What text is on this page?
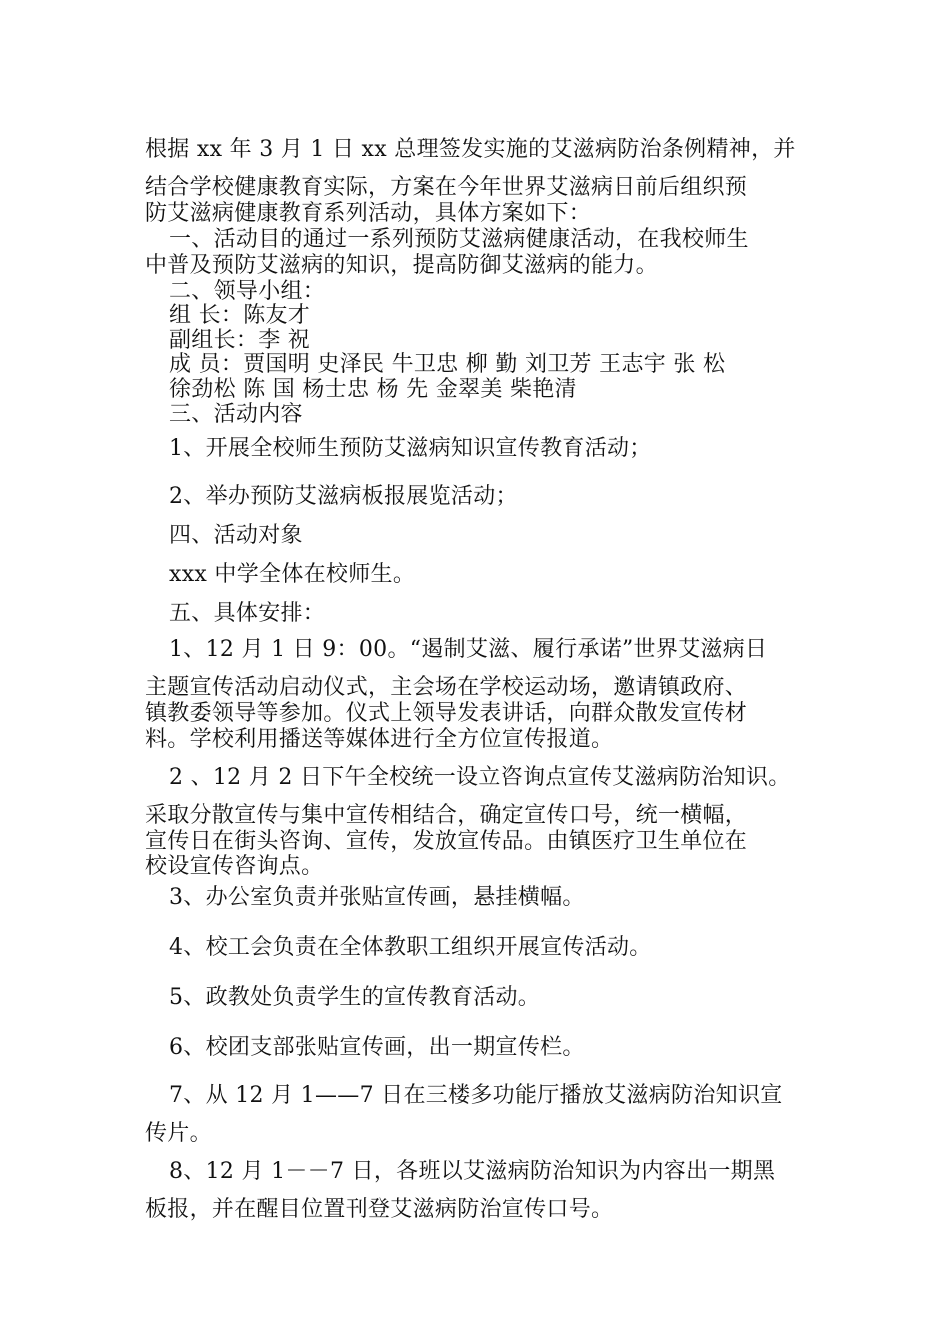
根据 xx 年 3 月 1 日 xx 总理签发实施的艾滋病防治条例精神，并
结合学校健康教育实际，方案在今年世界艾滋病日前后组织预
防艾滋病健康教育系列活动，具体方案如下：
一、活动目的通过一系列预防艾滋病健康活动，在我校师生
中普及预防艾滋病的知识，提高防御艾滋病的能力。
二、领导小组：
组 长：陈友才
副组长：李 祝
成 员：贾国明 史泽民 牛卫忠 柳 勤 刘卫芳 王志宇 张 松
徐劲松 陈 国 杨士忠 杨 先 金翠美 柴艳清
三、活动内容
1、开展全校师生预防艾滋病知识宣传教育活动；
2、举办预防艾滋病板报展览活动；
四、活动对象
xxx 中学全体在校师生。
五、具体安排：
1、12 月 1 日 9：00。“遏制艾滋、履行承诺”世界艾滋病日
主题宣传活动启动仪式，主会场在学校运动场，邀请镇政府、
镇教委领导等参加。仪式上领导发表讲话，向群众散发宣传材
料。学校利用播送等媒体进行全方位宣传报道。
2 、12 月 2 日下午全校统一设立咨询点宣传艾滋病防治知识。
采取分散宣传与集中宣传相结合，确定宣传口号，统一横幅，
宣传日在街头咨询、宣传，发放宣传品。由镇医疗卫生单位在
校设宣传咨询点。
3、办公室负责并张贴宣传画，悬挂横幅。
4、校工会负责在全体教职工组织开展宣传活动。
5、政教处负责学生的宣传教育活动。
6、校团支部张贴宣传画，出一期宣传栏。
7、从 12 月 1——7 日在三楼多功能厅播放艾滋病防治知识宣
传片。
8、12 月 1－－7 日，各班以艾滋病防治知识为内容出一期黑
板报，并在醒目位置刊登艾滋病防治宣传口号。
